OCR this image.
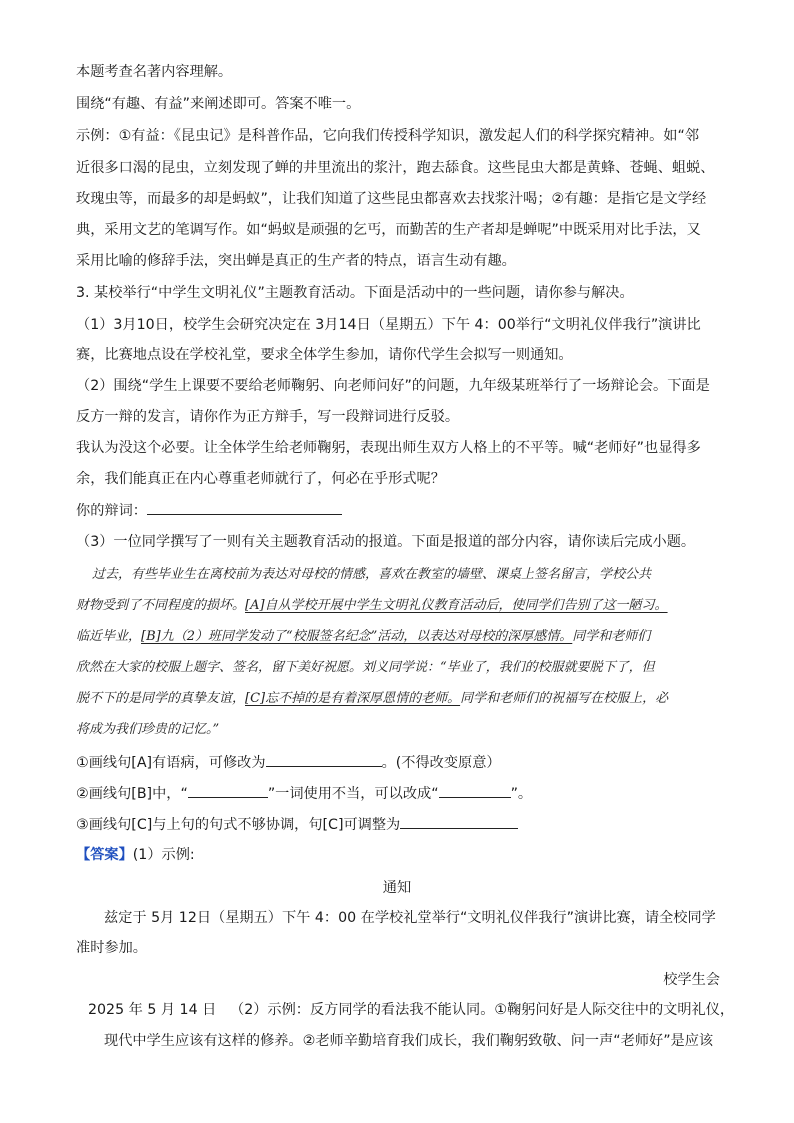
本题考查名著内容理解。
围绕“有趣、有益”来阐述即可。答案不唯一。
示例：①有益：《昆虫记》是科普作品，它向我们传授科学知识，激发起人们的科学探究精神。如“邻
近很多口渴的昆虫，立刻发现了蝉的井里流出的浆汁，跑去舔食。这些昆虫大都是黄蜂、苍蝇、蛆蜕、
玫瑰虫等，而最多的却是蚂蚁”，让我们知道了这些昆虫都喜欢去找浆汁喝；②有趣：是指它是文学经
典，采用文艺的笔调写作。如“蚂蚁是顽强的乞丐，而勤苦的生产者却是蝉呢”中既采用对比手法，又
采用比喻的修辞手法，突出蝉是真正的生产者的特点，语言生动有趣。
3. 某校举行“中学生文明礼仪”主题教育活动。下面是活动中的一些问题，请你参与解决。
（1）3月10日，校学生会研究决定在 3月14日（星期五）下午 4：00举行“文明礼仪伴我行”演讲比
赛，比赛地点设在学校礼堂，要求全体学生参加，请你代学生会拟写一则通知。
（2）围绕“学生上课要不要给老师鞠躬、向老师问好”的问题，九年级某班举行了一场辩论会。下面是
反方一辩的发言，请你作为正方辩手，写一段辩词进行反驳。
我认为没这个必要。让全体学生给老师鞠躬，表现出师生双方人格上的不平等。喊“老师好”也显得多
余，我们能真正在内心尊重老师就行了，何必在乎形式呢？
你的辩词：
（3）一位同学撰写了一则有关主题教育活动的报道。下面是报道的部分内容，请你读后完成小题。
过去，有些毕业生在离校前为表达对母校的情感，喜欢在教室的墙壁、课桌上签名留言，学校公共
财物受到了不同程度的损坏。[A]自从学校开展中学生文明礼仪教育活动后，使同学们告别了这一陋习。
临近毕业，[B]九（2）班同学发动了“校服签名纪念”活动，以表达对母校的深厚感情。同学和老师们
欣然在大家的校服上题字、签名，留下美好祝愿。刘义同学说：“毕业了，我们的校服就要脱下了，但
脱不下的是同学的真挚友谊，[C]忘不掉的是有着深厚恩情的老师。同学和老师们的祝福写在校服上，必
将成为我们珍贵的记忆。”
①画线句[A]有语病，可修改为	。(不得改变原意）
②画线句[B]中，“	”一词使用不当，可以改成“	”。
③画线句[C]与上句的句式不够协调，句[C]可调整为
【答案】(1）示例:
通知
兹定于 5月 12日（星期五）下午 4：00 在学校礼堂举行“文明礼仪伴我行”演讲比赛，请全校同学
准时参加。
校学生会
2025 年 5 月 14 日 （2）示例：反方同学的看法我不能认同。①鞠躬问好是人际交往中的文明礼仪，
现代中学生应该有这样的修养。②老师辛勤培育我们成长，我们鞠躬致敬、问一声“老师好”是应该
